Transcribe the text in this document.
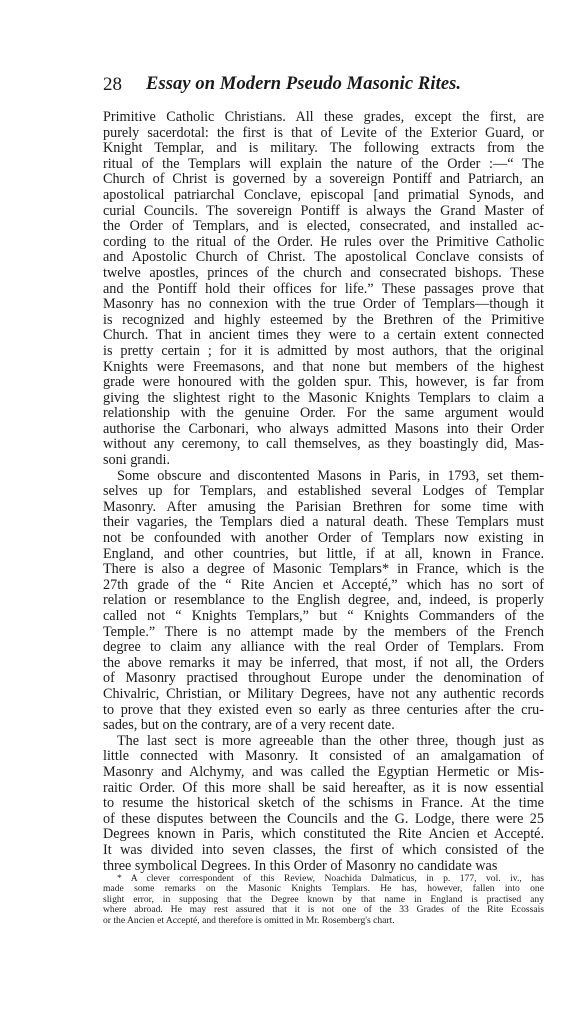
28 Essay on Modern Pseudo Masonic Rites.

Primitive Catholic Christians. All these grades, except the first, are
purely sacerdotal: the first is that of Levite of the Exterior Guard, or
Knight Templar, and is military. The following extracts from the
ritual of the Templars will explain the nature of the Order :—“ The
Church of Christ is governed by a sovereign Pontiff and Patriarch, an
apostolical patriarchal Conclave, episcopal [and primatial Synods, and
curial Councils. The sovereign Pontiff is always the Grand Master of
the Order of Templars, and is elected, consecrated, and installed ac-
cording to the ritual of the Order. He rules over the Primitive Catholic
and Apostolic Church of Christ. The apostolical Conclave consists of
twelve apostles, princes of the church and consecrated bishops. These
and the Pontiff hold their offices for life.” These passages prove that
Masonry has no connexion with the true Order of Templars—though it
is recognized and highly esteemed by the Brethren of the Primitive
Church. That in ancient times they were to a certain extent connected
is pretty certain ; for it is admitted by most authors, that the original
Knights were Freemasons, and that none but members of the highest
grade were honoured with the golden spur. This, however, is far from
giving the slightest right to the Masonic Knights Templars to claim a
relationship with the genuine Order. For the same argument would
authorise the Carbonari, who always admitted Masons into their Order
without any ceremony, to call themselves, as they boastingly did, Mas-
soni grandi.

Some obscure and discontented Masons in Paris, in 1793, set them-
selves up for Templars, and established several Lodges of Templar
Masonry. After amusing the Parisian Brethren for some time with
their vagaries, the Templars died a natural death. These Templars must
not be confounded with another Order of Templars now existing in
England, and other countries, but little, if at all, known in France.
There is also a degree of Masonic Templars* in France, which is the
27th grade of the “ Rite Ancien et Accepté,” which has no sort of
relation or resemblance to the English degree, and, indeed, is properly
called not “ Knights Templars,” but “ Knights Commanders of the
Temple.” There is no attempt made by the members of the French
degree to claim any alliance with the real Order of Templars. From
the above remarks it may be inferred, that most, if not all, the Orders
of Masonry practised throughout Europe under the denomination of
Chivalric, Christian, or Military Degrees, have not any authentic records
to prove that they existed even so early as three centuries after the cru-
sades, but on the contrary, are of a very recent date.

The last sect is more agreeable than the other three, though just as
little connected with Masonry. It consisted of an amalgamation of
Masonry and Alchymy, and was called the Egyptian Hermetic or Mis-
raitic Order. Of this more shall be said hereafter, as it is now essential
to resume the historical sketch of the schisms in France. At the time
of these disputes between the Councils and the G. Lodge, there were 25
Degrees known in Paris, which constituted the Rite Ancien et Accepté.
It was divided into seven classes, the first of which consisted of the
three symbolical Degrees. In this Order of Masonry no candidate was

* A clever correspondent of this Review, Noachida Dalmaticus, in p. 177, vol. iv., has
made some remarks on the Masonic Knights Templars. He has, however, fallen into one
slight error, in supposing that the Degree known by that name in England is practised any
where abroad. He may rest assured that it is not one of the 33 Grades of the Rite Ecossais
or the Ancien et Accepté, and therefore is omitted in Mr. Rosemberg's chart.
